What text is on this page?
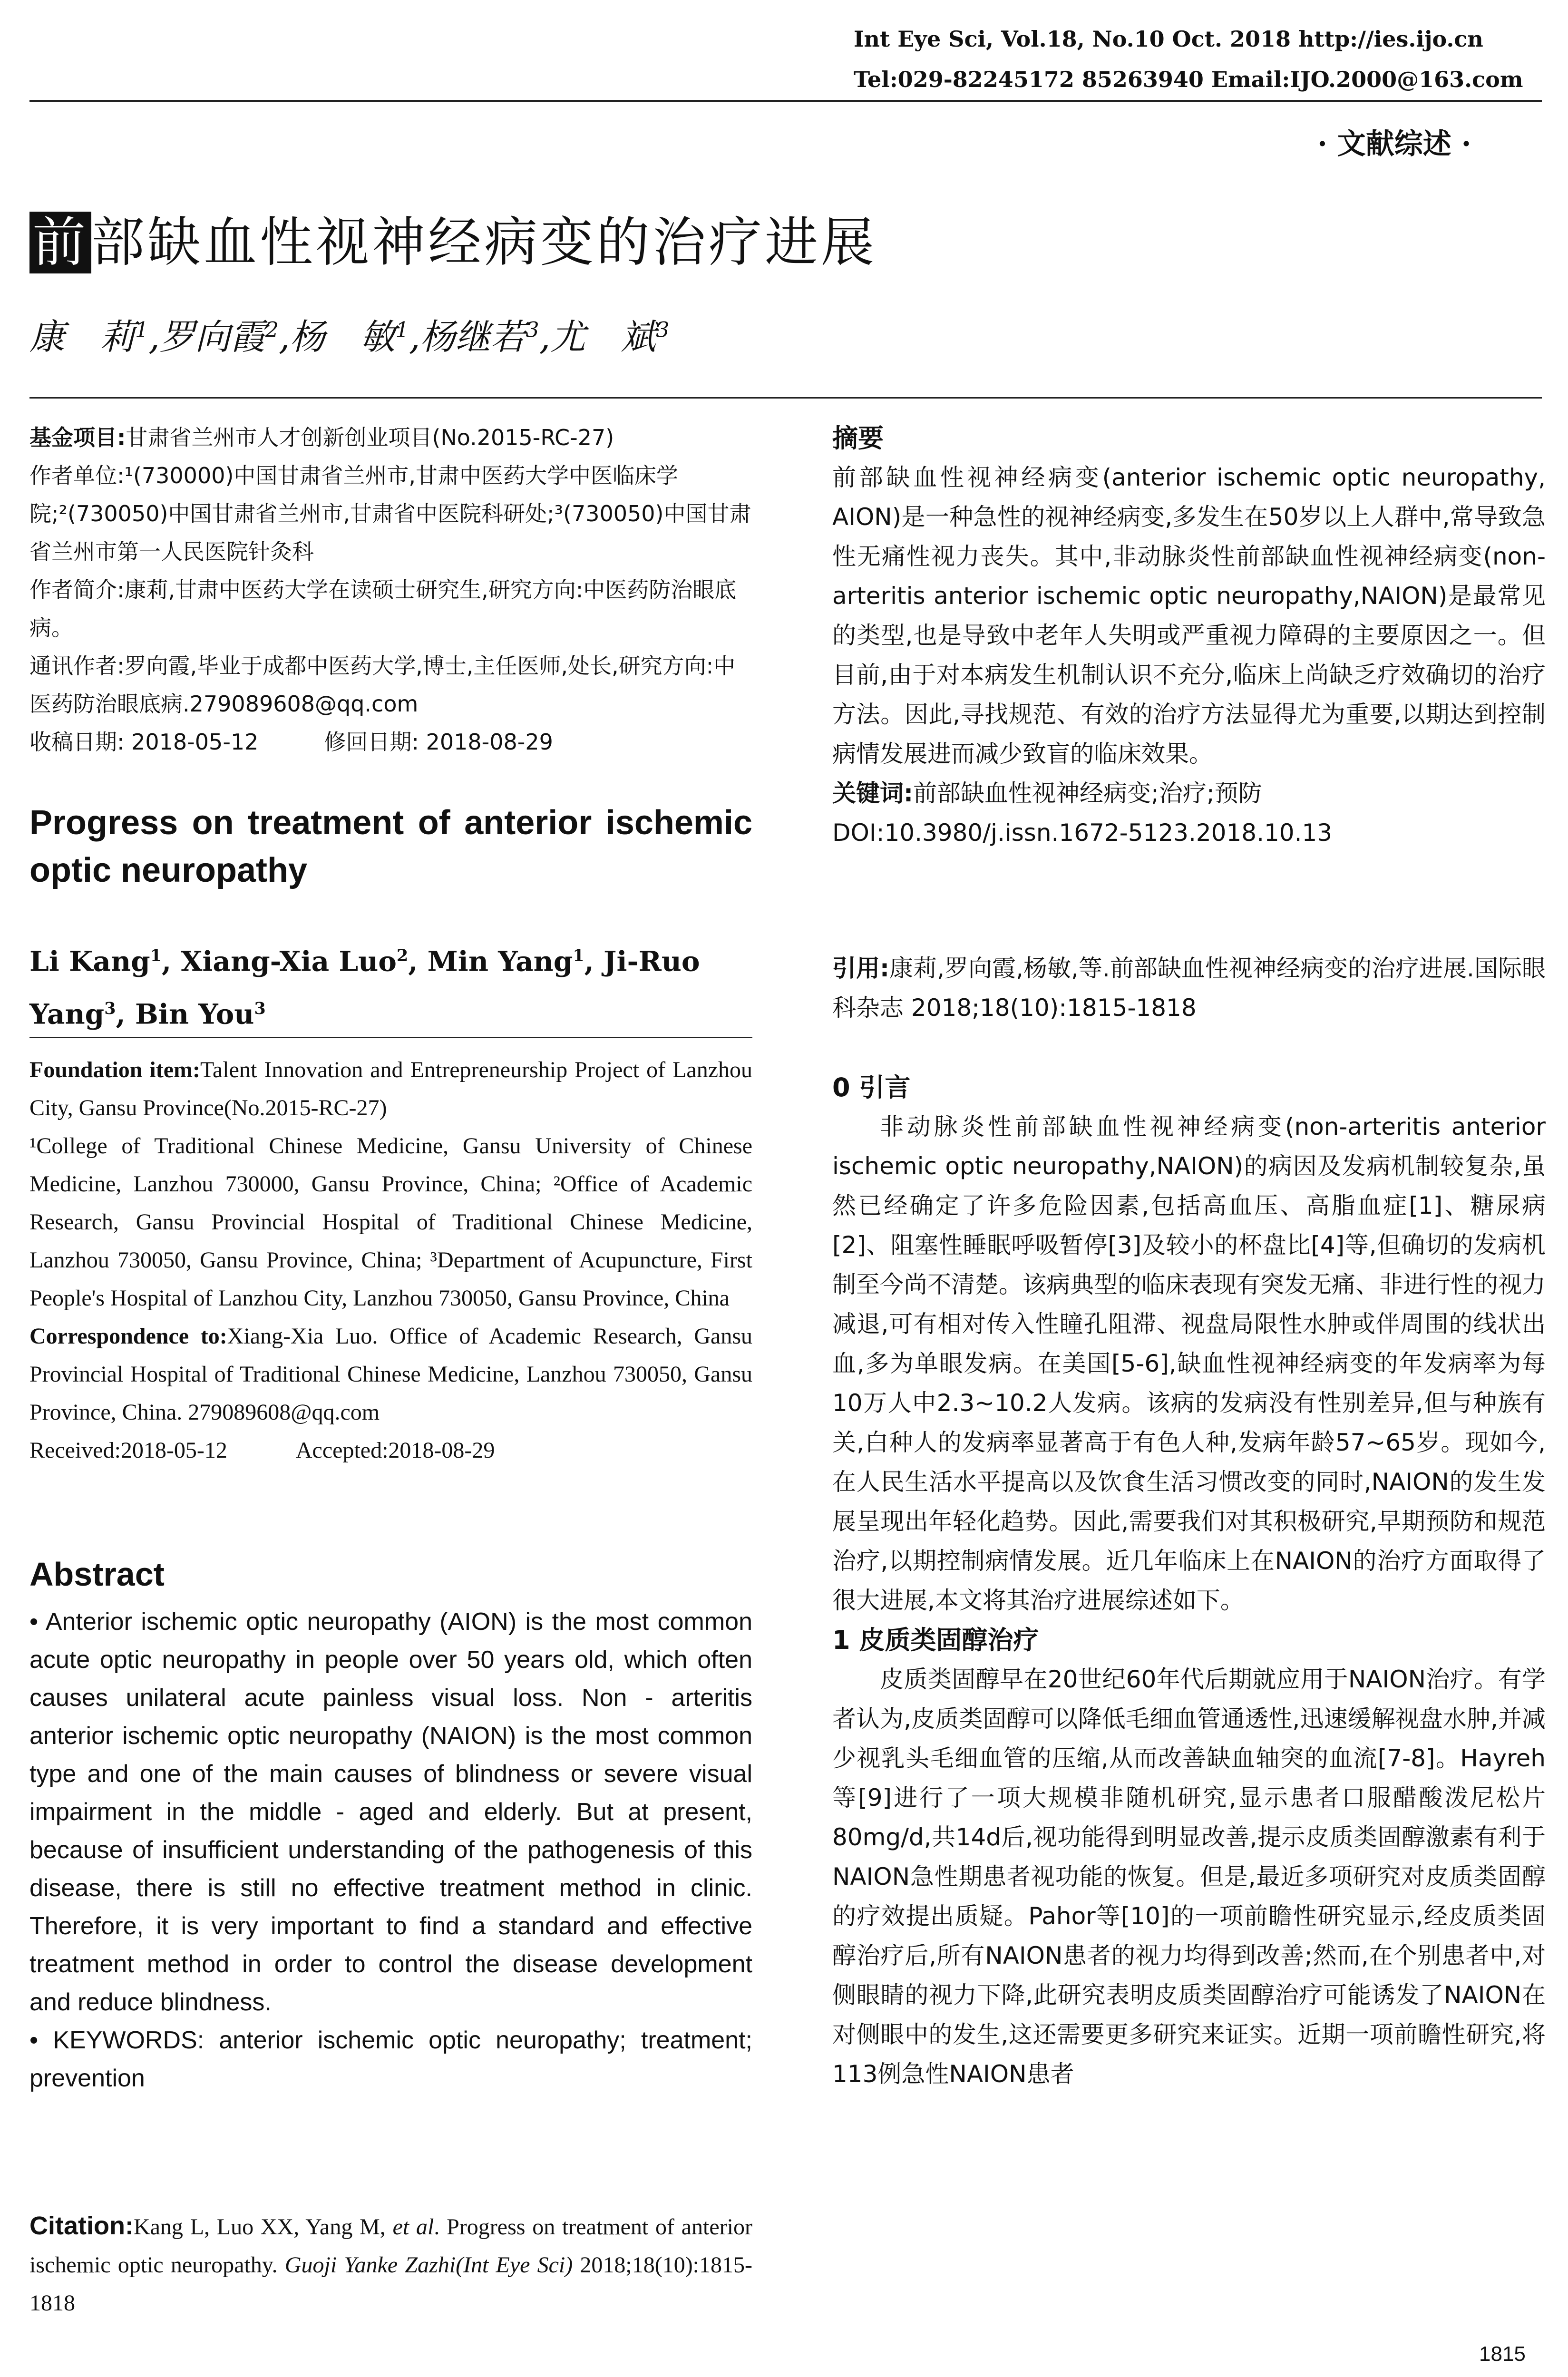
Int Eye Sci, Vol.18, No.10 Oct. 2018 http://ies.ijo.cn
Tel:029-82245172 85263940 Email:IJO.2000@163.com
· 文献综述 ·
前部缺血性视神经病变的治疗进展
康　莉$^1$,罗向霞$^2$,杨　敏$^1$,杨继若$^3$,尤　斌$^3$

基金项目:甘肃省兰州市人才创新创业项目(No.2015-RC-27)

作者单位:¹(730000)中国甘肃省兰州市,甘肃中医药大学中医临床学院;²(730050)中国甘肃省兰州市,甘肃省中医院科研处;³(730050)中国甘肃省兰州市第一人民医院针灸科

作者简介:康莉,甘肃中医药大学在读硕士研究生,研究方向:中医药防治眼底病。

通讯作者:罗向霞,毕业于成都中医药大学,博士,主任医师,处长,研究方向:中医药防治眼底病.279089608@qq.com

收稿日期: 2018-05-12　　　修回日期: 2018-08-29

Progress on treatment of anterior ischemic optic neuropathy
Li Kang$^1$, Xiang-Xia Luo$^2$, Min Yang$^1$, Ji-Ruo Yang$^3$, Bin You$^3$

Foundation item:Talent Innovation and Entrepreneurship Project of Lanzhou City, Gansu Province(No.2015-RC-27)

¹College of Traditional Chinese Medicine, Gansu University of Chinese Medicine, Lanzhou 730000, Gansu Province, China; ²Office of Academic Research, Gansu Provincial Hospital of Traditional Chinese Medicine, Lanzhou 730050, Gansu Province, China; ³Department of Acupuncture, First People's Hospital of Lanzhou City, Lanzhou 730050, Gansu Province, China

Correspondence to:Xiang-Xia Luo. Office of Academic Research, Gansu Provincial Hospital of Traditional Chinese Medicine, Lanzhou 730050, Gansu Province, China. 279089608@qq.com

Received:2018-05-12　　　Accepted:2018-08-29

Abstract

• Anterior ischemic optic neuropathy (AION) is the most common acute optic neuropathy in people over 50 years old, which often causes unilateral acute painless visual loss. Non - arteritis anterior ischemic optic neuropathy (NAION) is the most common type and one of the main causes of blindness or severe visual impairment in the middle - aged and elderly. But at present, because of insufficient understanding of the pathogenesis of this disease, there is still no effective treatment method in clinic. Therefore, it is very important to find a standard and effective treatment method in order to control the disease development and reduce blindness.

• KEYWORDS: anterior ischemic optic neuropathy; treatment; prevention

Citation:Kang L, Luo XX, Yang M, et al. Progress on treatment of anterior ischemic optic neuropathy. Guoji Yanke Zazhi(Int Eye Sci) 2018;18(10):1815-1818

摘要

前部缺血性视神经病变(anterior ischemic optic neuropathy, AION)是一种急性的视神经病变,多发生在50岁以上人群中,常导致急性无痛性视力丧失。其中,非动脉炎性前部缺血性视神经病变(non-arteritis anterior ischemic optic neuropathy,NAION)是最常见的类型,也是导致中老年人失明或严重视力障碍的主要原因之一。但目前,由于对本病发生机制认识不充分,临床上尚缺乏疗效确切的治疗方法。因此,寻找规范、有效的治疗方法显得尤为重要,以期达到控制病情发展进而减少致盲的临床效果。

关键词:前部缺血性视神经病变;治疗;预防

DOI:10.3980/j.issn.1672-5123.2018.10.13

引用:康莉,罗向霞,杨敏,等.前部缺血性视神经病变的治疗进展.国际眼科杂志 2018;18(10):1815-1818

0 引言

非动脉炎性前部缺血性视神经病变(non-arteritis anterior ischemic optic neuropathy,NAION)的病因及发病机制较复杂,虽然已经确定了许多危险因素,包括高血压、高脂血症[1]、糖尿病[2]、阻塞性睡眠呼吸暂停[3]及较小的杯盘比[4]等,但确切的发病机制至今尚不清楚。该病典型的临床表现有突发无痛、非进行性的视力减退,可有相对传入性瞳孔阻滞、视盘局限性水肿或伴周围的线状出血,多为单眼发病。在美国[5-6],缺血性视神经病变的年发病率为每10万人中2.3~10.2人发病。该病的发病没有性别差异,但与种族有关,白种人的发病率显著高于有色人种,发病年龄57~65岁。现如今,在人民生活水平提高以及饮食生活习惯改变的同时,NAION的发生发展呈现出年轻化趋势。因此,需要我们对其积极研究,早期预防和规范治疗,以期控制病情发展。近几年临床上在NAION的治疗方面取得了很大进展,本文将其治疗进展综述如下。

1 皮质类固醇治疗

皮质类固醇早在20世纪60年代后期就应用于NAION治疗。有学者认为,皮质类固醇可以降低毛细血管通透性,迅速缓解视盘水肿,并减少视乳头毛细血管的压缩,从而改善缺血轴突的血流[7-8]。Hayreh等[9]进行了一项大规模非随机研究,显示患者口服醋酸泼尼松片80mg/d,共14d后,视功能得到明显改善,提示皮质类固醇激素有利于NAION急性期患者视功能的恢复。但是,最近多项研究对皮质类固醇的疗效提出质疑。Pahor等[10]的一项前瞻性研究显示,经皮质类固醇治疗后,所有NAION患者的视力均得到改善;然而,在个别患者中,对侧眼睛的视力下降,此研究表明皮质类固醇治疗可能诱发了NAION在对侧眼中的发生,这还需要更多研究来证实。近期一项前瞻性研究,将113例急性NAION患者

1815
